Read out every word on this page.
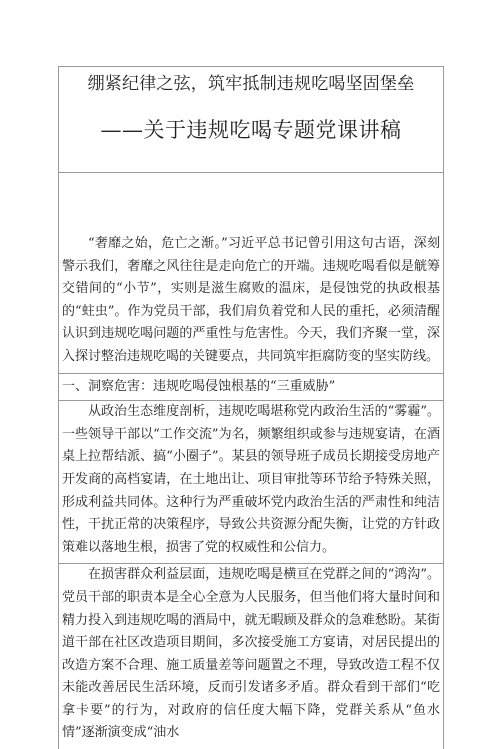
绷紧纪律之弦，筑牢抵制违规吃喝坚固堡垒
——关于违规吃喝专题党课讲稿
“奢靡之始，危亡之渐。”习近平总书记曾引用这句古语，深刻警示我们，奢靡之风往往是走向危亡的开端。违规吃喝看似是觥筹交错间的“小节”，实则是滋生腐败的温床，是侵蚀党的执政根基的“蛀虫”。作为党员干部，我们肩负着党和人民的重托，必须清醒认识到违规吃喝问题的严重性与危害性。今天，我们齐聚一堂，深入探讨整治违规吃喝的关键要点，共同筑牢拒腐防变的坚实防线。
一、洞察危害：违规吃喝侵蚀根基的“三重威胁”
从政治生态维度剖析，违规吃喝堪称党内政治生活的“雾霾”。一些领导干部以“工作交流”为名，频繁组织或参与违规宴请，在酒桌上拉帮结派、搞“小圈子”。某县的领导班子成员长期接受房地产开发商的高档宴请，在土地出让、项目审批等环节给予特殊关照，形成利益共同体。这种行为严重破坏党内政治生活的严肃性和纯洁性，干扰正常的决策程序，导致公共资源分配失衡，让党的方针政策难以落地生根，损害了党的权威性和公信力。
在损害群众利益层面，违规吃喝是横亘在党群之间的“鸿沟”。党员干部的职责本是全心全意为人民服务，但当他们将大量时间和精力投入到违规吃喝的酒局中，就无暇顾及群众的急难愁盼。某街道干部在社区改造项目期间，多次接受施工方宴请，对居民提出的改造方案不合理、施工质量差等问题置之不理，导致改造工程不仅未能改善居民生活环境，反而引发诸多矛盾。群众看到干部们“吃拿卡要”的行为，对政府的信任度大幅下降，党群关系从“鱼水情”逐渐演变成“油水
